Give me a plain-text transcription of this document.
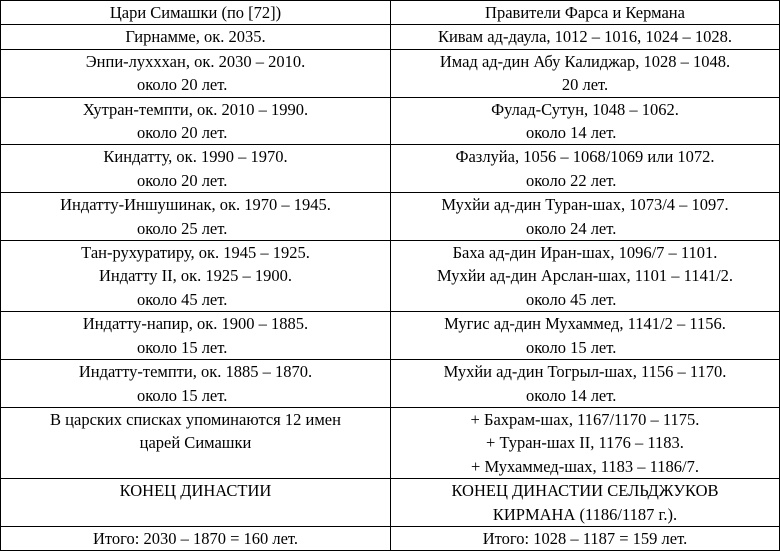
Цари Симашки (по [72])	Правители Фарса и Кермана

Гирнамме, ок. 2035.	Кивам ад-даула, 1012 – 1016, 1024 – 1028.

Энпи-лухххан, ок. 2030 – 2010.
около 20 лет.	Имад ад-дин Абу Калиджар, 1028 – 1048.
20 лет.

Хутран-темпти, ок. 2010 – 1990.
около 20 лет.	Фулад-Сутун, 1048 – 1062.
около 14 лет.

Киндатту, ок. 1990 – 1970.
около 20 лет.	Фазлуйа, 1056 – 1068/1069 или 1072.
около 22 лет.

Индатту-Иншушинак, ок. 1970 – 1945.
около 25 лет.	Мухйи ад-дин Туран-шах, 1073/4 – 1097.
около 24 лет.

Тан-рухуратиру, ок. 1945 – 1925.
Индатту II, ок. 1925 – 1900.
около 45 лет.	Баха ад-дин Иран-шах, 1096/7 – 1101.
Мухйи ад-дин Арслан-шах, 1101 – 1141/2.
около 45 лет.

Индатту-напир, ок. 1900 – 1885.
около 15 лет.	Мугис ад-дин Мухаммед, 1141/2 – 1156.
около 15 лет.

Индатту-темпти, ок. 1885 – 1870.
около 15 лет.	Мухйи ад-дин Тогрыл-шах, 1156 – 1170.
около 14 лет.

В царских списках упоминаются 12 имен
царей Симашки	+ Бахрам-шах, 1167/1170 – 1175.
+ Туран-шах II, 1176 – 1183.
+ Мухаммед-шах, 1183 – 1186/7.

КОНЕЦ ДИНАСТИИ	КОНЕЦ ДИНАСТИИ СЕЛЬДЖУКОВ
КИРМАНА (1186/1187 г.).

Итого: 2030 – 1870 = 160 лет.	Итого: 1028 – 1187 = 159 лет.
